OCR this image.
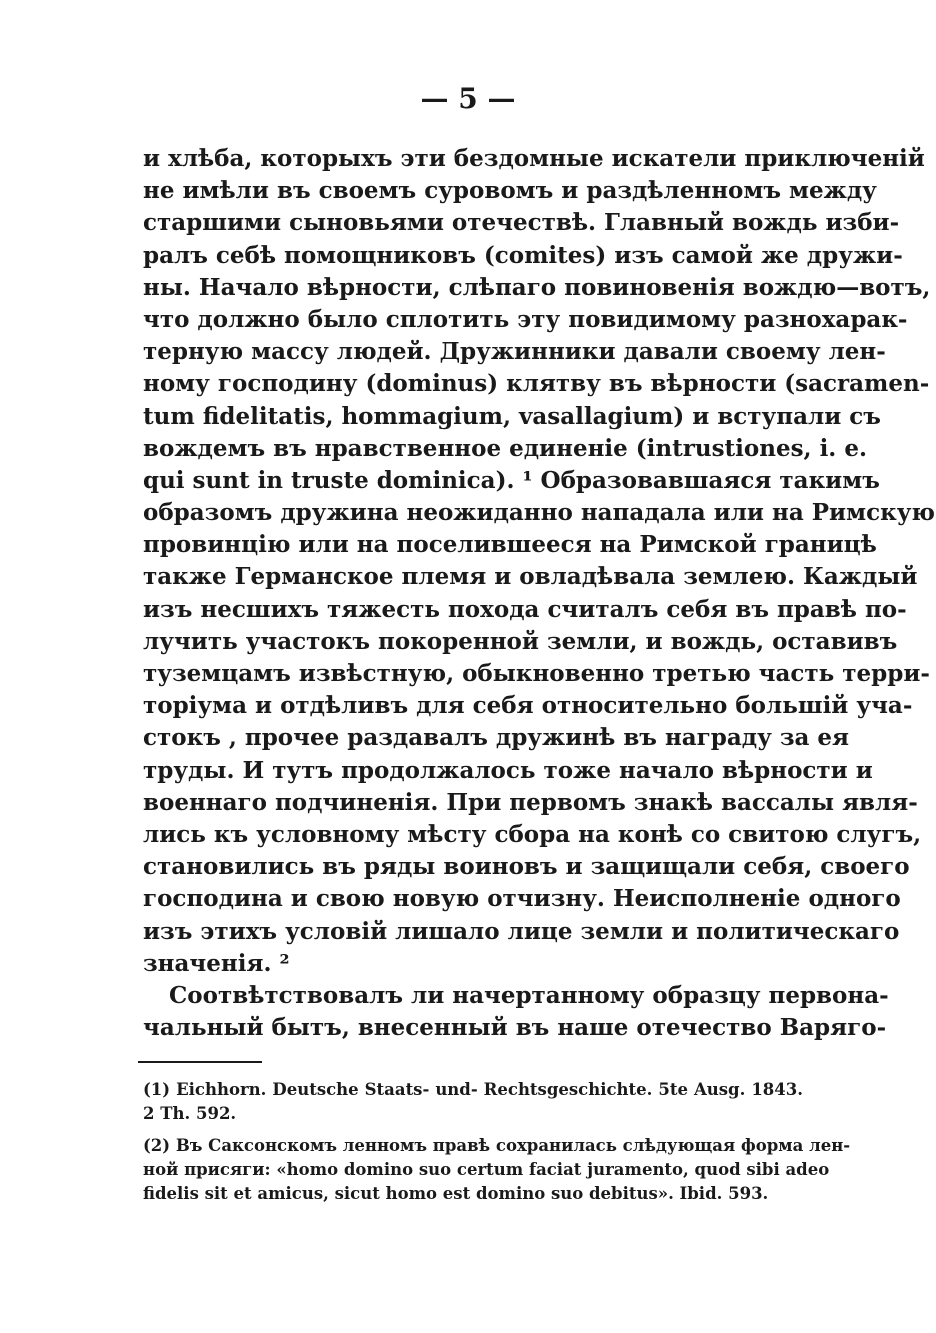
— 5 —
и хлѣба, которыхъ эти бездомные искатели приключеній
не имѣли въ своемъ суровомъ и раздѣленномъ между
старшими сыновьями отечествѣ. Главный вождь изби-
ралъ себѣ помощниковъ (comites) изъ самой же дружи-
ны. Начало вѣрности, слѣпаго повиновенія вождю—вотъ,
что должно было сплотить эту повидимому разнохарак-
терную массу людей. Дружинники давали своему лен-
ному господину (dominus) клятву въ вѣрности (sacramen-
tum fidelitatis, hommagium, vasallagium) и вступали съ
вождемъ въ нравственное единеніе (intrustiones, i. e.
qui sunt in truste dominica). ¹ Образовавшаяся такимъ
образомъ дружина неожиданно нападала или на Римскую
провинцію или на поселившееся на Римской границѣ
также Германское племя и овладѣвала землею. Каждый
изъ несшихъ тяжесть похода считалъ себя въ правѣ по-
лучить участокъ покоренной земли, и вождь, оставивъ
туземцамъ извѣстную, обыкновенно третью часть терри-
торіума и отдѣливъ для себя относительно большій уча-
стокъ , прочее раздавалъ дружинѣ въ награду за ея
труды. И тутъ продолжалось тоже начало вѣрности и
военнаго подчиненія. При первомъ знакѣ вассалы явля-
лись къ условному мѣсту сбора на конѣ со свитою слугъ,
становились въ ряды воиновъ и защищали себя, своего
господина и свою новую отчизну. Неисполненіе одного
изъ этихъ условій лишало лице земли и политическаго
значенія. ²
Соотвѣтствовалъ ли начертанному образцу первона-
чальный бытъ, внесенный въ наше отечество Варяго-
(1) Eichhorn. Deutsche Staats- und- Rechtsgeschichte. 5te Ausg. 1843.
2 Th. 592.
(2) Въ Саксонскомъ ленномъ правѣ сохранилась слѣдующая форма лен-
ной присяги: «homo domino suo certum faciat juramento, quod sibi adeo
fidelis sit et amicus, sicut homo est domino suo debitus». Ibid. 593.
